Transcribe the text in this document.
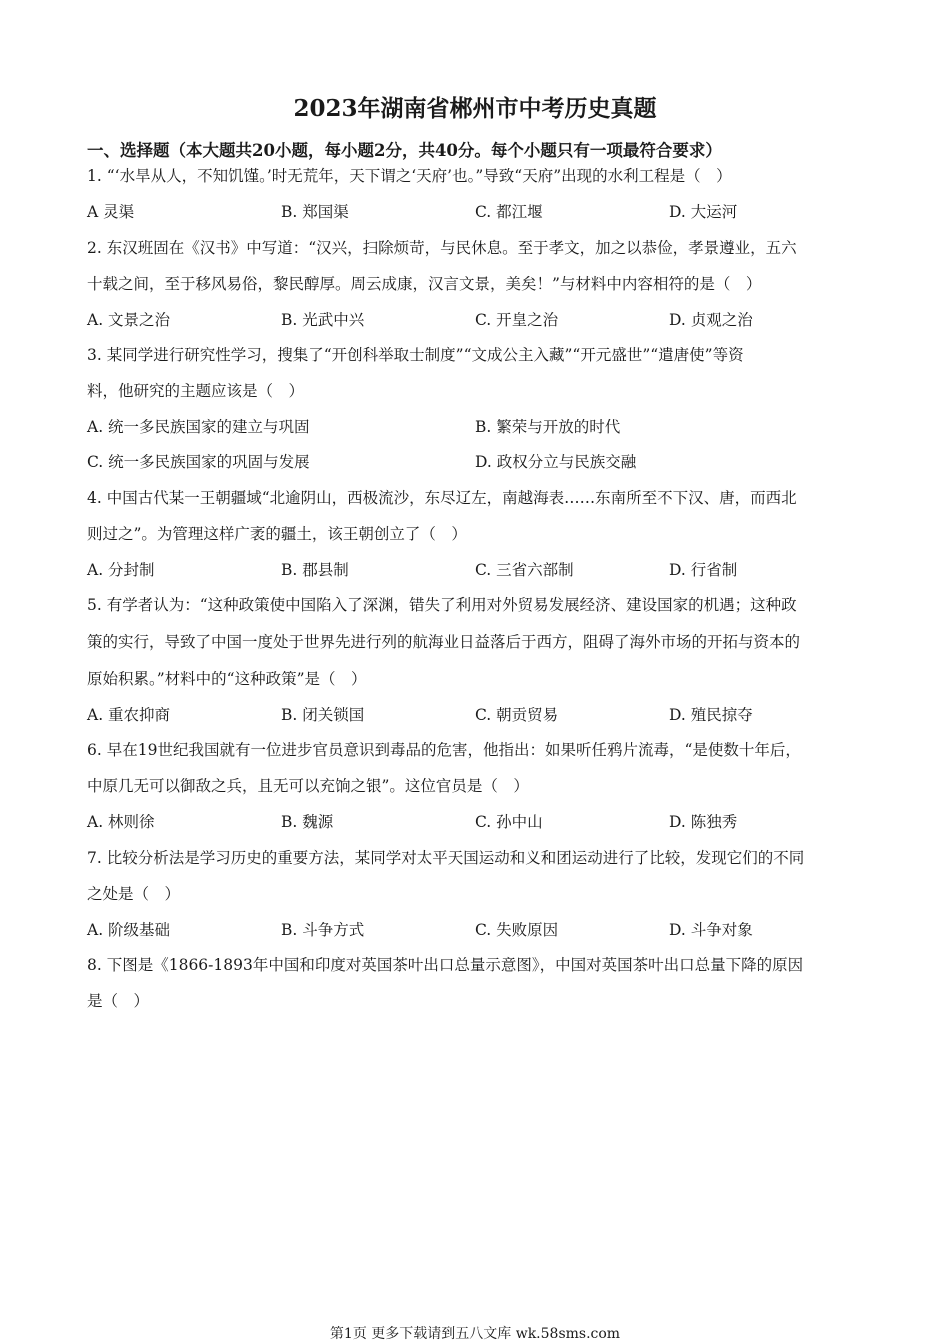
2023年湖南省郴州市中考历史真题
一、选择题（本大题共20小题，每小题2分，共40分。每个小题只有一项最符合要求）
1. “‘水旱从人，不知饥馑。’时无荒年，天下谓之‘天府’也。”导致“天府”出现的水利工程是（　）
A 灵渠	B. 郑国渠	C. 都江堰	D. 大运河
2. 东汉班固在《汉书》中写道：“汉兴，扫除烦苛，与民休息。至于孝文，加之以恭俭，孝景遵业，五六
十载之间，至于移风易俗，黎民醇厚。周云成康，汉言文景，美矣！”与材料中内容相符的是（　）
A. 文景之治	B. 光武中兴	C. 开皇之治	D. 贞观之治
3. 某同学进行研究性学习，搜集了“开创科举取士制度”“文成公主入藏”“开元盛世”“遣唐使”等资
料，他研究的主题应该是（　）
A. 统一多民族国家的建立与巩固	B. 繁荣与开放的时代
C. 统一多民族国家的巩固与发展	D. 政权分立与民族交融
4. 中国古代某一王朝疆域“北逾阴山，西极流沙，东尽辽左，南越海表……东南所至不下汉、唐，而西北
则过之”。为管理这样广袤的疆土，该王朝创立了（　）
A. 分封制	B. 郡县制	C. 三省六部制	D. 行省制
5. 有学者认为：“这种政策使中国陷入了深渊，错失了利用对外贸易发展经济、建设国家的机遇；这种政
策的实行，导致了中国一度处于世界先进行列的航海业日益落后于西方，阻碍了海外市场的开拓与资本的
原始积累。”材料中的“这种政策”是（　）
A. 重农抑商	B. 闭关锁国	C. 朝贡贸易	D. 殖民掠夺
6. 早在19世纪我国就有一位进步官员意识到毒品的危害，他指出：如果听任鸦片流毒，“是使数十年后，
中原几无可以御敌之兵，且无可以充饷之银”。这位官员是（　）
A. 林则徐	B. 魏源	C. 孙中山	D. 陈独秀
7. 比较分析法是学习历史的重要方法，某同学对太平天国运动和义和团运动进行了比较，发现它们的不同
之处是（　）
A. 阶级基础	B. 斗争方式	C. 失败原因	D. 斗争对象
8. 下图是《1866-1893年中国和印度对英国茶叶出口总量示意图》，中国对英国茶叶出口总量下降的原因
是（　）
第1页 更多下载请到五八文库 wk.58sms.com
